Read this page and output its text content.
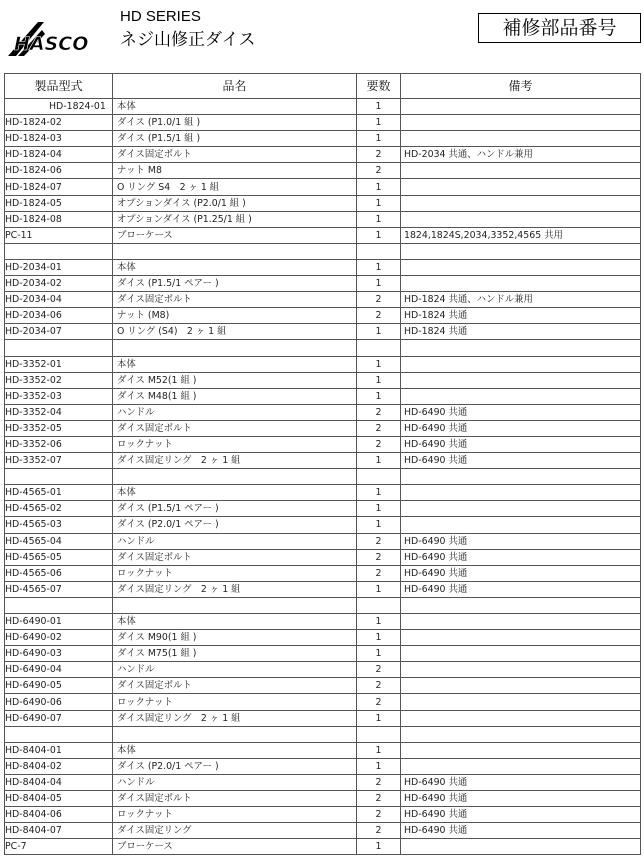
HASCO
HD SERIES
ネジ山修正ダイス
補修部品番号
製品型式	品名	要数	備考
HD-1824-01	本体	1	
HD-1824-02	ダイス (P1.0/1 組 )	1	
HD-1824-03	ダイス (P1.5/1 組 )	1	
HD-1824-04	ダイス固定ボルト	2	HD-2034 共通、ハンドル兼用
HD-1824-06	ナット M8	2	
HD-1824-07	O リング S4　2 ヶ 1 組	1	
HD-1824-05	オプションダイス (P2.0/1 組 )	1	
HD-1824-08	オプションダイス (P1.25/1 組 )	1	
PC-11	ブローケース	1	1824,1824S,2034,3352,4565 共用

HD-2034-01	本体	1	
HD-2034-02	ダイス (P1.5/1 ペアー )	1	
HD-2034-04	ダイス固定ボルト	2	HD-1824 共通、ハンドル兼用
HD-2034-06	ナット (M8)	2	HD-1824 共通
HD-2034-07	O リング (S4)　2 ヶ 1 組	1	HD-1824 共通

HD-3352-01	本体	1	
HD-3352-02	ダイス M52(1 組 )	1	
HD-3352-03	ダイス M48(1 組 )	1	
HD-3352-04	ハンドル	2	HD-6490 共通
HD-3352-05	ダイス固定ボルト	2	HD-6490 共通
HD-3352-06	ロックナット	2	HD-6490 共通
HD-3352-07	ダイス固定リング　2 ヶ 1 組	1	HD-6490 共通

HD-4565-01	本体	1	
HD-4565-02	ダイス (P1.5/1 ペアー )	1	
HD-4565-03	ダイス (P2.0/1 ペアー )	1	
HD-4565-04	ハンドル	2	HD-6490 共通
HD-4565-05	ダイス固定ボルト	2	HD-6490 共通
HD-4565-06	ロックナット	2	HD-6490 共通
HD-4565-07	ダイス固定リング　2 ヶ 1 組	1	HD-6490 共通

HD-6490-01	本体	1	
HD-6490-02	ダイス M90(1 組 )	1	
HD-6490-03	ダイス M75(1 組 )	1	
HD-6490-04	ハンドル	2	
HD-6490-05	ダイス固定ボルト	2	
HD-6490-06	ロックナット	2	
HD-6490-07	ダイス固定リング　2 ヶ 1 組	1	

HD-8404-01	本体	1	
HD-8404-02	ダイス (P2.0/1 ペアー )	1	
HD-8404-04	ハンドル	2	HD-6490 共通
HD-8404-05	ダイス固定ボルト	2	HD-6490 共通
HD-8404-06	ロックナット	2	HD-6490 共通
HD-8404-07	ダイス固定リング	2	HD-6490 共通
PC-7	ブローケース	1	
